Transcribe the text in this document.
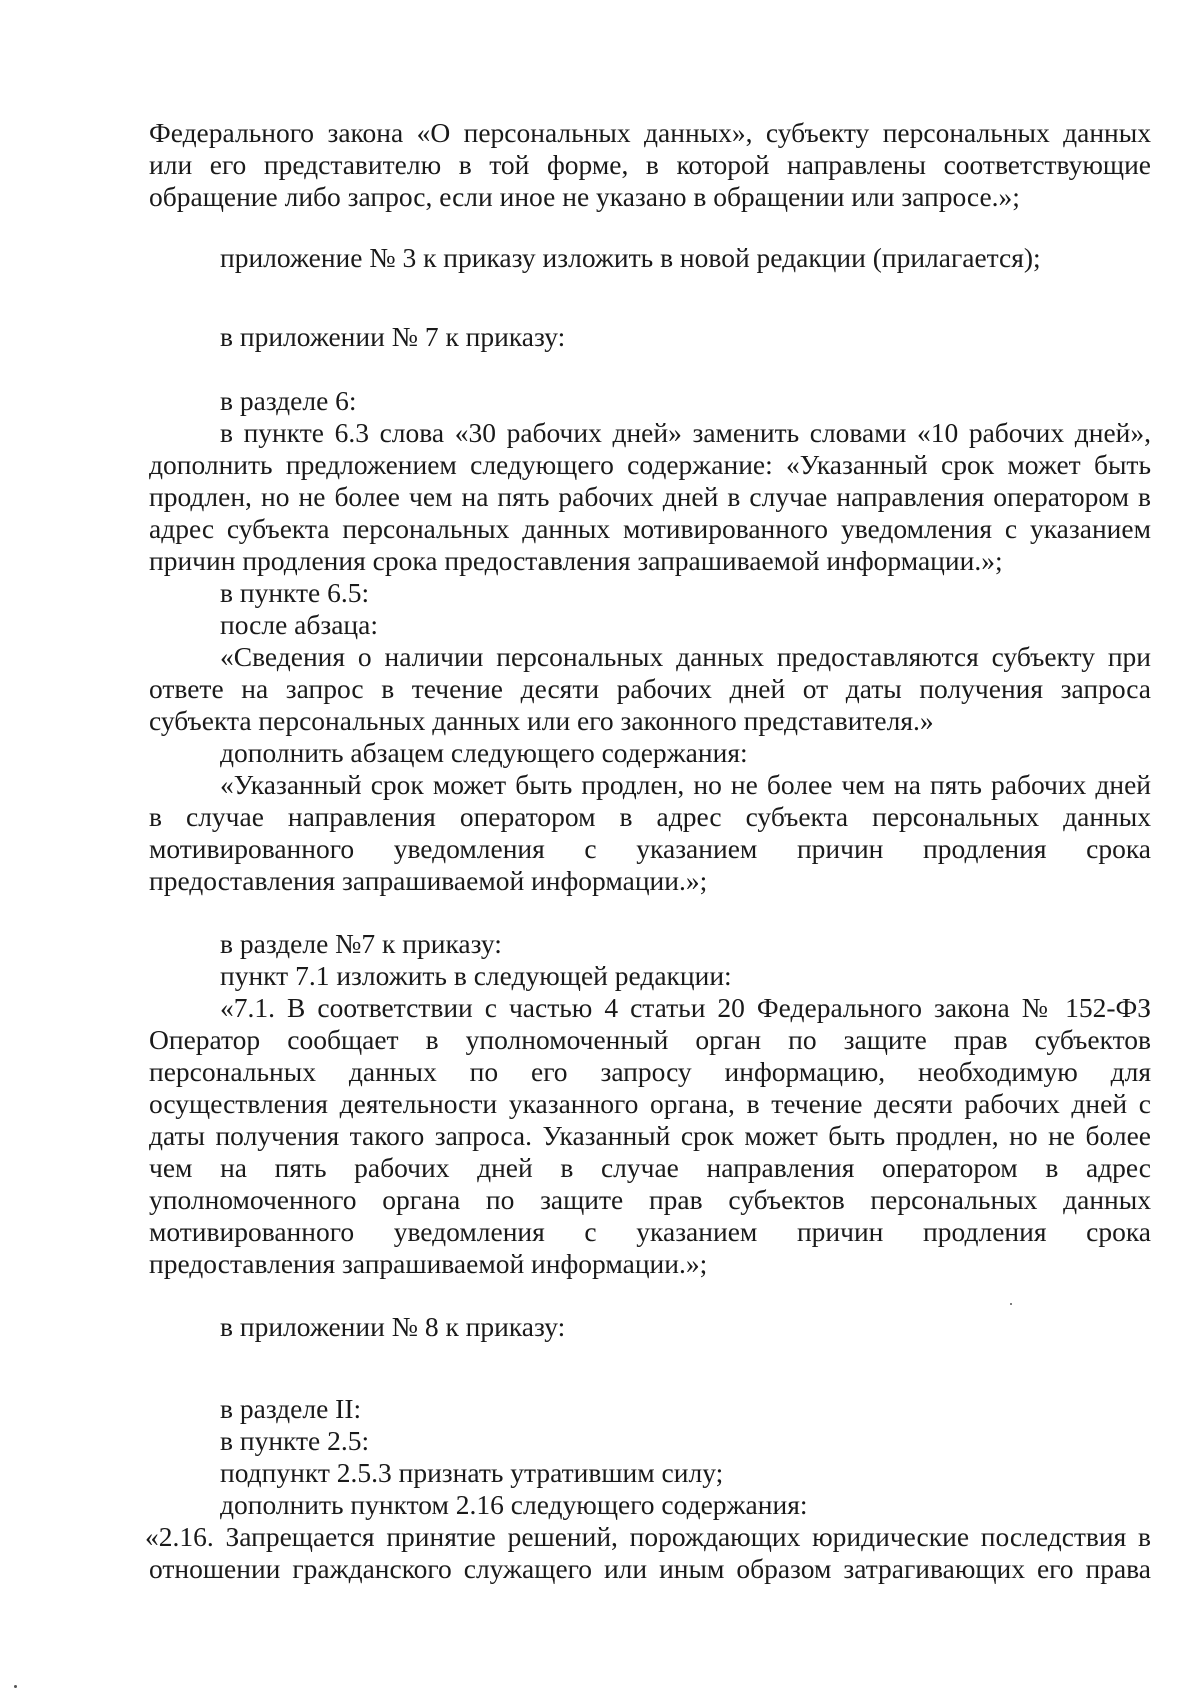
Федерального закона «О персональных данных», субъекту персональных данных
или его представителю в той форме, в которой направлены соответствующие
обращение либо запрос, если иное не указано в обращении или запросе.»;
приложение № 3 к приказу изложить в новой редакции (прилагается);
в приложении № 7 к приказу:
в разделе 6:
в пункте 6.3 слова «30 рабочих дней» заменить словами «10 рабочих дней»,
дополнить предложением следующего содержание: «Указанный срок может быть
продлен, но не более чем на пять рабочих дней в случае направления оператором в
адрес субъекта персональных данных мотивированного уведомления с указанием
причин продления срока предоставления запрашиваемой информации.»;
в пункте 6.5:
после абзаца:
«Сведения о наличии персональных данных предоставляются субъекту при
ответе на запрос в течение десяти рабочих дней от даты получения запроса
субъекта персональных данных или его законного представителя.»
дополнить абзацем следующего содержания:
«Указанный срок может быть продлен, но не более чем на пять рабочих дней
в случае направления оператором в адрес субъекта персональных данных
мотивированного уведомления с указанием причин продления срока
предоставления запрашиваемой информации.»;
в разделе №7 к приказу:
пункт 7.1 изложить в следующей редакции:
«7.1. В соответствии с частью 4 статьи 20 Федерального закона № 152-ФЗ
Оператор сообщает в уполномоченный орган по защите прав субъектов
персональных данных по его запросу информацию, необходимую для
осуществления деятельности указанного органа, в течение десяти рабочих дней с
даты получения такого запроса. Указанный срок может быть продлен, но не более
чем на пять рабочих дней в случае направления оператором в адрес
уполномоченного органа по защите прав субъектов персональных данных
мотивированного уведомления с указанием причин продления срока
предоставления запрашиваемой информации.»;
в приложении № 8 к приказу:
в разделе II:
в пункте 2.5:
подпункт 2.5.3 признать утратившим силу;
дополнить пунктом 2.16 следующего содержания:
«2.16. Запрещается принятие решений, порождающих юридические последствия в
отношении гражданского служащего или иным образом затрагивающих его права
